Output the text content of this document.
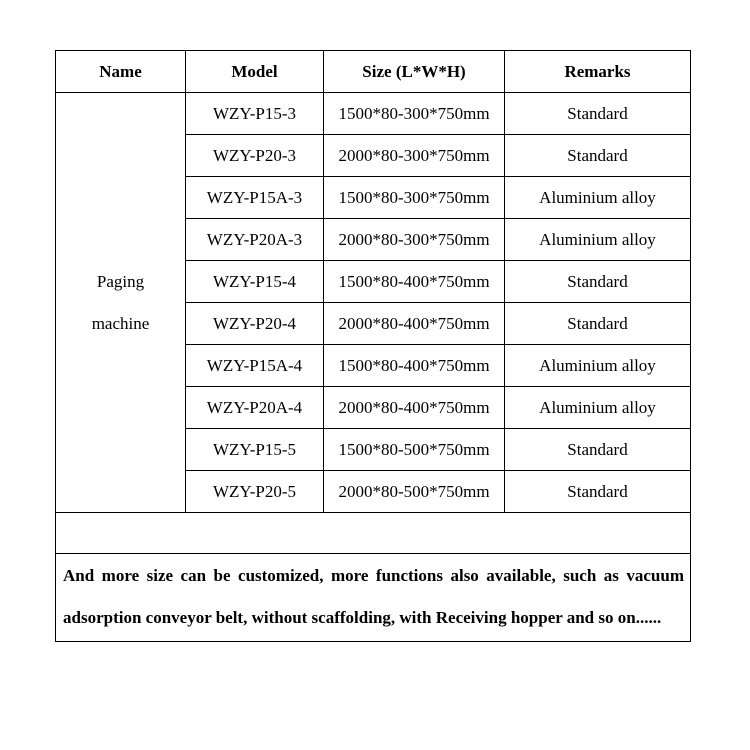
Name	Model	Size (L*W*H)	Remarks

Paging
machine	WZY-P15-3	1500*80-300*750mm	Standard
	WZY-P20-3	2000*80-300*750mm	Standard
	WZY-P15A-3	1500*80-300*750mm	Aluminium alloy
	WZY-P20A-3	2000*80-300*750mm	Aluminium alloy
	WZY-P15-4	1500*80-400*750mm	Standard
	WZY-P20-4	2000*80-400*750mm	Standard
	WZY-P15A-4	1500*80-400*750mm	Aluminium alloy
	WZY-P20A-4	2000*80-400*750mm	Aluminium alloy
	WZY-P15-5	1500*80-500*750mm	Standard
	WZY-P20-5	2000*80-500*750mm	Standard

And more size can be customized, more functions also available, such as vacuum adsorption conveyor belt, without scaffolding, with Receiving hopper and so on......			
